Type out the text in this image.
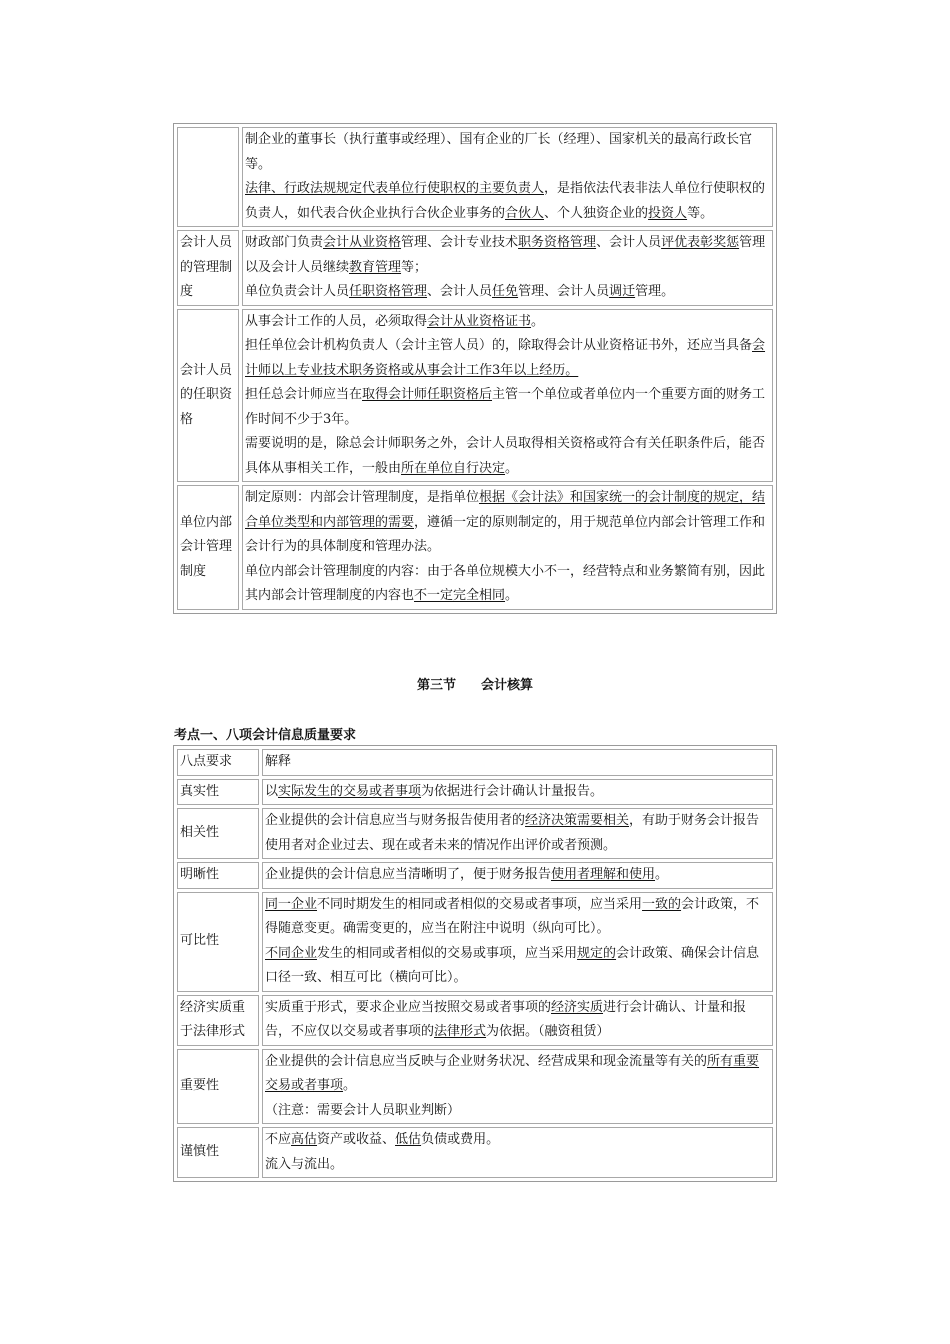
	制企业的董事长（执行董事或经理）、国有企业的厂长（经理）、国家机关的最高行政长官等。

法律、行政法规规定代表单位行使职权的主要负责人，是指依法代表非法人单位行使职权的负责人，如代表合伙企业执行合伙企业事务的合伙人、个人独资企业的投资人等。

会计人员的管理制度	财政部门负责会计从业资格管理、会计专业技术职务资格管理、会计人员评优表彰奖惩管理以及会计人员继续教育管理等；

单位负责会计人员任职资格管理、会计人员任免管理、会计人员调迁管理。

会计人员的任职资格	从事会计工作的人员，必须取得会计从业资格证书。

担任单位会计机构负责人（会计主管人员）的，除取得会计从业资格证书外，还应当具备会计师以上专业技术职务资格或从事会计工作3年以上经历。

担任总会计师应当在取得会计师任职资格后主管一个单位或者单位内一个重要方面的财务工作时间不少于3年。

需要说明的是，除总会计师职务之外，会计人员取得相关资格或符合有关任职条件后，能否具体从事相关工作，一般由所在单位自行决定。

单位内部会计管理制度	制定原则：内部会计管理制度，是指单位根据《会计法》和国家统一的会计制度的规定，结合单位类型和内部管理的需要，遵循一定的原则制定的，用于规范单位内部会计管理工作和会计行为的具体制度和管理办法。

单位内部会计管理制度的内容：由于各单位规模大小不一，经营特点和业务繁简有别，因此其内部会计管理制度的内容也不一定完全相同。

第三节  会计核算
考点一、八项会计信息质量要求
八点要求	解释
真实性	以实际发生的交易或者事项为依据进行会计确认计量报告。

相关性	企业提供的会计信息应当与财务报告使用者的经济决策需要相关，有助于财务会计报告使用者对企业过去、现在或者未来的情况作出评价或者预测。

明晰性	企业提供的会计信息应当清晰明了，便于财务报告使用者理解和使用。

可比性	同一企业不同时期发生的相同或者相似的交易或者事项，应当采用一致的会计政策，不得随意变更。确需变更的，应当在附注中说明（纵向可比）。

不同企业发生的相同或者相似的交易或事项，应当采用规定的会计政策、确保会计信息口径一致、相互可比（横向可比）。

经济实质重于法律形式	实质重于形式，要求企业应当按照交易或者事项的经济实质进行会计确认、计量和报告，不应仅以交易或者事项的法律形式为依据。（融资租赁）

重要性	企业提供的会计信息应当反映与企业财务状况、经营成果和现金流量等有关的所有重要交易或者事项。

（注意：需要会计人员职业判断）

谨慎性	不应高估资产或收益、低估负债或费用。

流入与流出。
